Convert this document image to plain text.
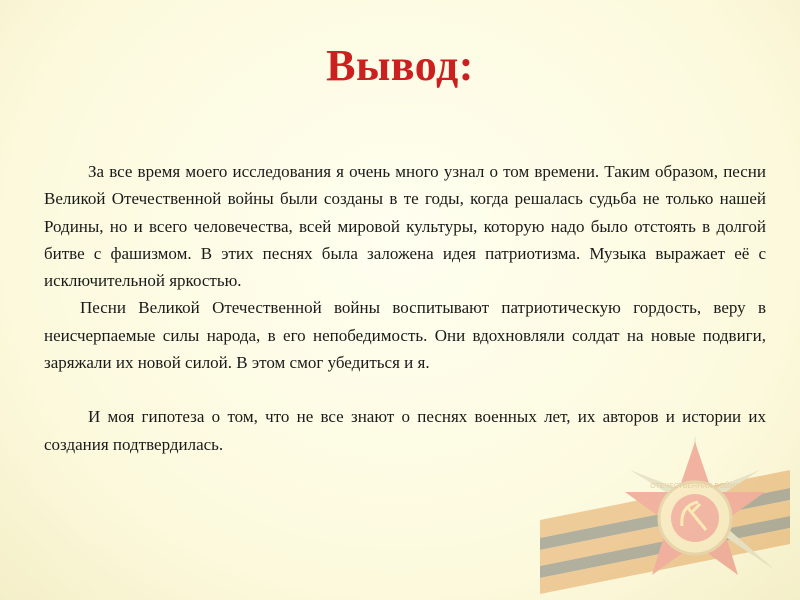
ОТЕЧЕСТВЕННАЯ ВОЙНА
Вывод:

За все время моего исследования я очень много узнал о том времени. Таким образом, песни Великой Отечественной войны были созданы в те годы, когда решалась судьба не только нашей Родины, но и всего человечества, всей мировой культуры, которую надо было отстоять в долгой битве с фашизмом. В этих песнях была заложена идея патриотизма. Музыка выражает её с исключительной яркостью.

Песни Великой Отечественной войны воспитывают патриотическую гордость, веру в неисчерпаемые силы народа, в его непобедимость. Они вдохновляли солдат на новые подвиги, заряжали их новой силой. В этом смог убедиться и я.

И моя гипотеза о том, что не все знают о песнях военных лет, их авторов и истории их создания подтвердилась.
